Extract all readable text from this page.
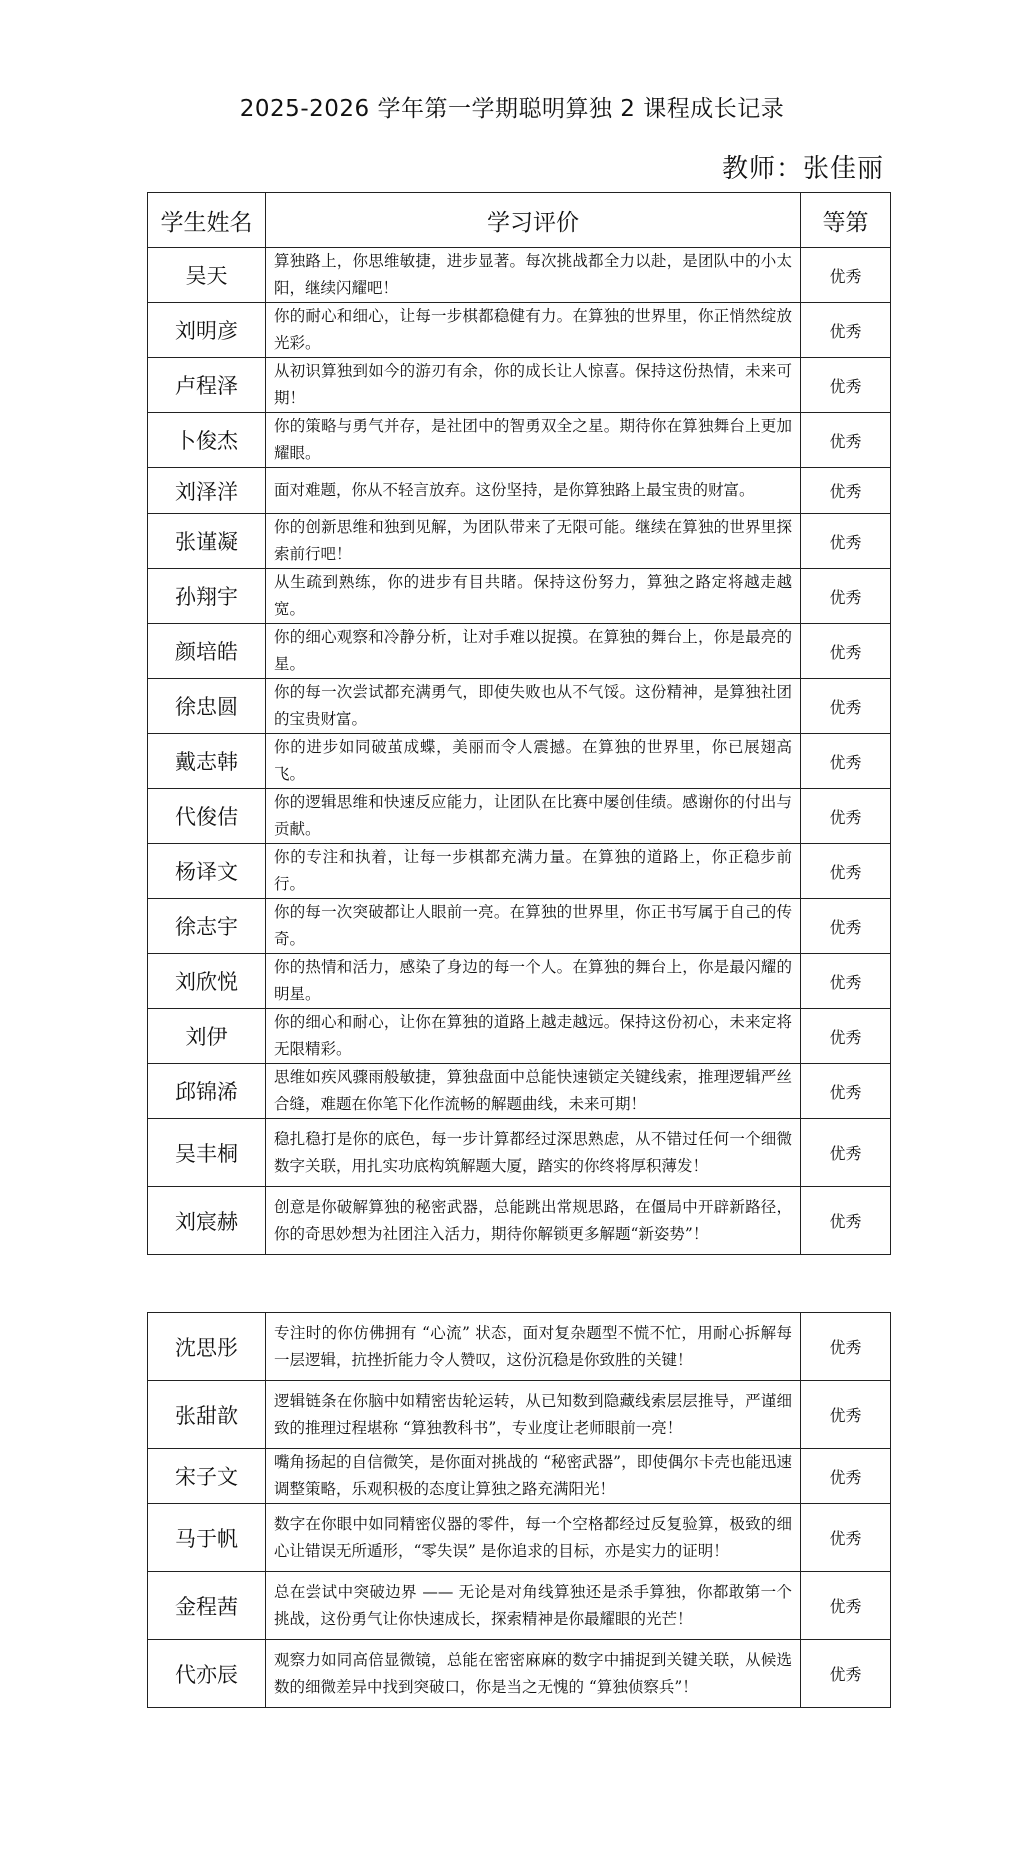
2025-2026 学年第一学期聪明算独 2 课程成长记录
教师：张佳丽
学生姓名	学习评价	等第
吴天	算独路上，你思维敏捷，进步显著。每次挑战都全力以赴，是团队中的小太阳，继续闪耀吧！	优秀
刘明彦	你的耐心和细心，让每一步棋都稳健有力。在算独的世界里，你正悄然绽放光彩。	优秀
卢程泽	从初识算独到如今的游刃有余，你的成长让人惊喜。保持这份热情，未来可期！	优秀
卜俊杰	你的策略与勇气并存，是社团中的智勇双全之星。期待你在算独舞台上更加耀眼。	优秀
刘泽洋	面对难题，你从不轻言放弃。这份坚持，是你算独路上最宝贵的财富。	优秀
张谨凝	你的创新思维和独到见解，为团队带来了无限可能。继续在算独的世界里探索前行吧！	优秀
孙翔宇	从生疏到熟练，你的进步有目共睹。保持这份努力，算独之路定将越走越宽。	优秀
颜培皓	你的细心观察和冷静分析，让对手难以捉摸。在算独的舞台上，你是最亮的星。	优秀
徐忠圆	你的每一次尝试都充满勇气，即使失败也从不气馁。这份精神，是算独社团的宝贵财富。	优秀
戴志韩	你的进步如同破茧成蝶，美丽而令人震撼。在算独的世界里，你已展翅高飞。	优秀
代俊佶	你的逻辑思维和快速反应能力，让团队在比赛中屡创佳绩。感谢你的付出与贡献。	优秀
杨译文	你的专注和执着，让每一步棋都充满力量。在算独的道路上，你正稳步前行。	优秀
徐志宇	你的每一次突破都让人眼前一亮。在算独的世界里，你正书写属于自己的传奇。	优秀
刘欣悦	你的热情和活力，感染了身边的每一个人。在算独的舞台上，你是最闪耀的明星。	优秀
刘伊	你的细心和耐心，让你在算独的道路上越走越远。保持这份初心，未来定将无限精彩。	优秀
邱锦浠	思维如疾风骤雨般敏捷，算独盘面中总能快速锁定关键线索，推理逻辑严丝合缝，难题在你笔下化作流畅的解题曲线，未来可期！	优秀
吴丰桐	稳扎稳打是你的底色，每一步计算都经过深思熟虑，从不错过任何一个细微数字关联，用扎实功底构筑解题大厦，踏实的你终将厚积薄发！	优秀
刘宸赫	创意是你破解算独的秘密武器，总能跳出常规思路，在僵局中开辟新路径，你的奇思妙想为社团注入活力，期待你解锁更多解题“新姿势”！	优秀
沈思彤	专注时的你仿佛拥有 “心流” 状态，面对复杂题型不慌不忙，用耐心拆解每一层逻辑，抗挫折能力令人赞叹，这份沉稳是你致胜的关键！	优秀
张甜歆	逻辑链条在你脑中如精密齿轮运转，从已知数到隐藏线索层层推导，严谨细致的推理过程堪称 “算独教科书”，专业度让老师眼前一亮！	优秀
宋子文	嘴角扬起的自信微笑，是你面对挑战的 “秘密武器”，即使偶尔卡壳也能迅速调整策略，乐观积极的态度让算独之路充满阳光！	优秀
马于帆	数字在你眼中如同精密仪器的零件，每一个空格都经过反复验算，极致的细心让错误无所遁形，“零失误” 是你追求的目标，亦是实力的证明！	优秀
金程茜	总在尝试中突破边界 —— 无论是对角线算独还是杀手算独，你都敢第一个挑战，这份勇气让你快速成长，探索精神是你最耀眼的光芒！	优秀
代亦辰	观察力如同高倍显微镜，总能在密密麻麻的数字中捕捉到关键关联，从候选数的细微差异中找到突破口，你是当之无愧的 “算独侦察兵”！	优秀
